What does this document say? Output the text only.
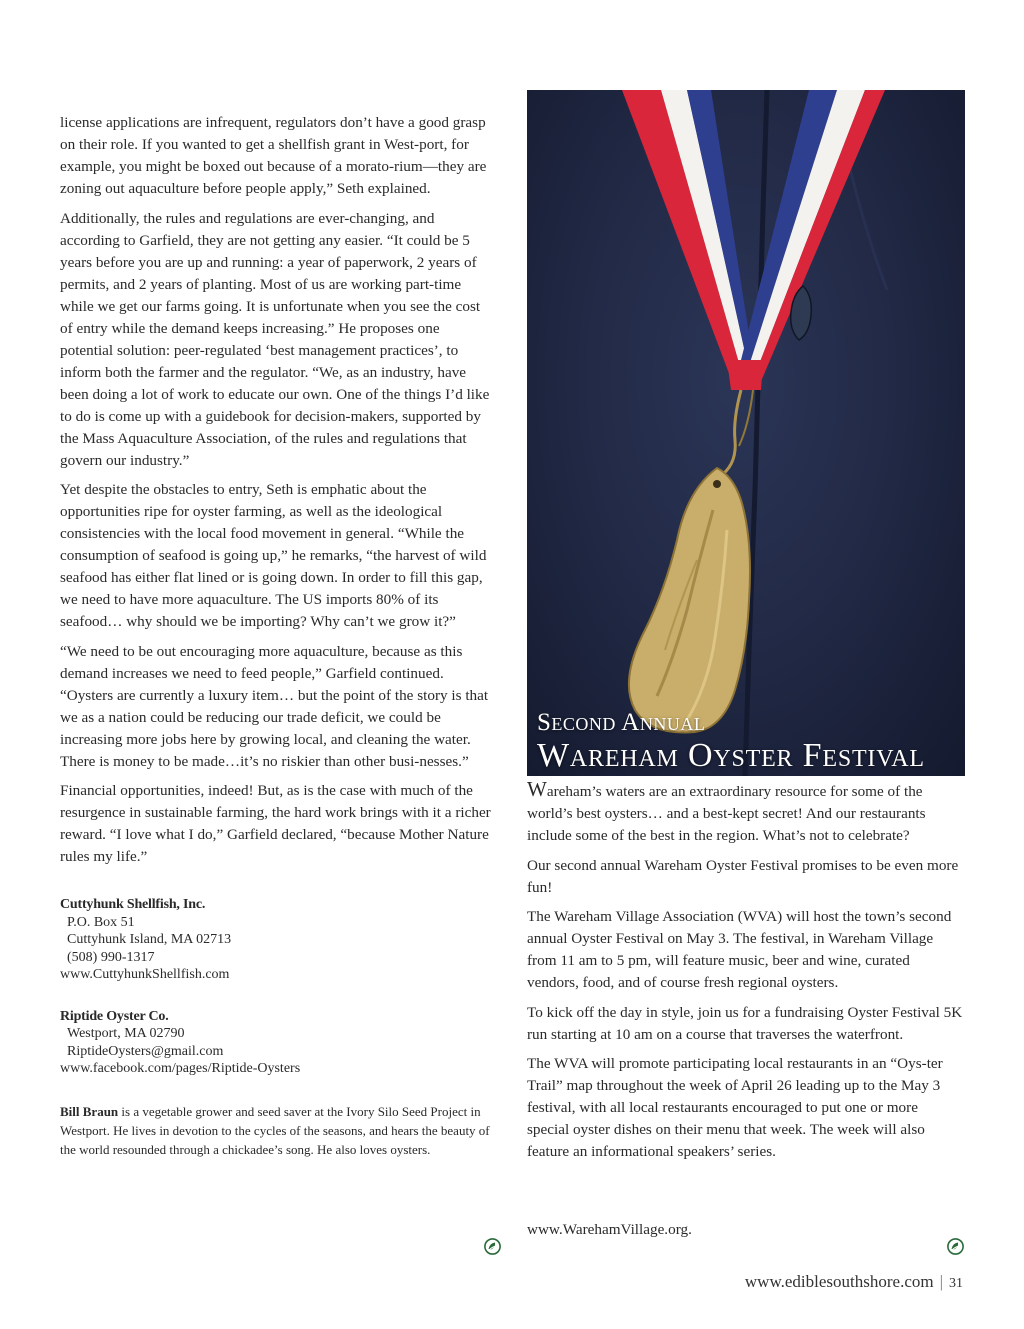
license applications are infrequent, regulators don’t have a good grasp on their role. If you wanted to get a shellfish grant in West-port, for example, you might be boxed out because of a morato-rium—they are zoning out aquaculture before people apply,” Seth explained.

Additionally, the rules and regulations are ever-changing, and according to Garfield, they are not getting any easier. “It could be 5 years before you are up and running: a year of paperwork, 2 years of permits, and 2 years of planting. Most of us are working part-time while we get our farms going. It is unfortunate when you see the cost of entry while the demand keeps increasing.” He proposes one potential solution: peer-regulated ‘best management practices’, to inform both the farmer and the regulator. “We, as an industry, have been doing a lot of work to educate our own. One of the things I’d like to do is come up with a guidebook for decision-makers, supported by the Mass Aquaculture Association, of the rules and regulations that govern our industry.”

Yet despite the obstacles to entry, Seth is emphatic about the opportunities ripe for oyster farming, as well as the ideological consistencies with the local food movement in general. “While the consumption of seafood is going up,” he remarks, “the harvest of wild seafood has either flat lined or is going down. In order to fill this gap, we need to have more aquaculture. The US imports 80% of its seafood… why should we be importing? Why can’t we grow it?”

“We need to be out encouraging more aquaculture, because as this demand increases we need to feed people,” Garfield continued. “Oysters are currently a luxury item… but the point of the story is that we as a nation could be reducing our trade deficit, we could be increasing more jobs here by growing local, and cleaning the water. There is money to be made…it’s no riskier than other busi-nesses.”

Financial opportunities, indeed! But, as is the case with much of the resurgence in sustainable farming, the hard work brings with it a richer reward. “I love what I do,” Garfield declared, “because Mother Nature rules my life.”

Cuttyhunk Shellfish, Inc.
P.O. Box 51
Cuttyhunk Island, MA 02713
(508) 990-1317
www.CuttyhunkShellfish.com
Riptide Oyster Co.
Westport, MA 02790
RiptideOysters@gmail.com
www.facebook.com/pages/Riptide-Oysters

Bill Braun is a vegetable grower and seed saver at the Ivory Silo Seed Project in Westport. He lives in devotion to the cycles of the seasons, and hears the beauty of the world resounded through a chickadee’s song. He also loves oysters.

Second Annual
Wareham Oyster Festival

Wareham’s waters are an extraordinary resource for some of the world’s best oysters… and a best-kept secret! And our restaurants include some of the best in the region. What’s not to celebrate?

Our second annual Wareham Oyster Festival promises to be even more fun!

The Wareham Village Association (WVA) will host the town’s second annual Oyster Festival on May 3. The festival, in Wareham Village from 11 am to 5 pm, will feature music, beer and wine, curated vendors, food, and of course fresh regional oysters.

To kick off the day in style, join us for a fundraising Oyster Festival 5K run starting at 10 am on a course that traverses the waterfront.

The WVA will promote participating local restaurants in an “Oys-ter Trail” map throughout the week of April 26 leading up to the May 3 festival, with all local restaurants encouraged to put one or more special oyster dishes on their menu that week. The week will also feature an informational speakers’ series.

www.WarehamVillage.org.
www.ediblesouthshore.com | 31
